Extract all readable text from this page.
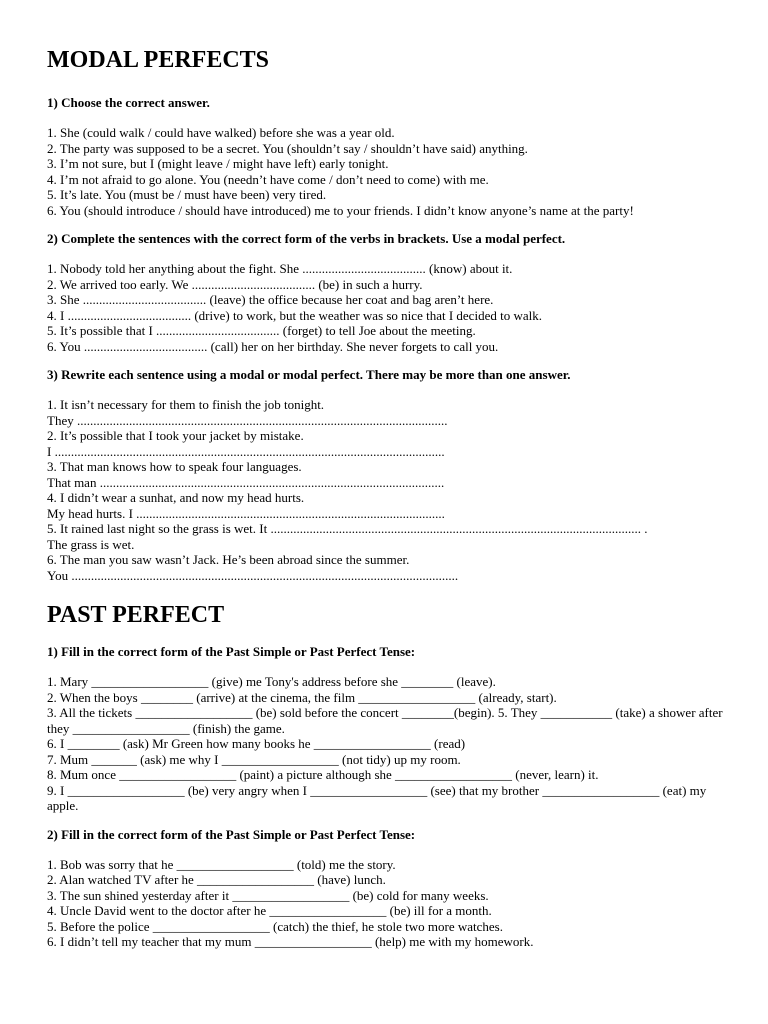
MODAL PERFECTS

1) Choose the correct answer.

1. She (could walk / could have walked) before she was a year old.
2. The party was supposed to be a secret. You (shouldn’t say / shouldn’t have said) anything.
3. I’m not sure, but I (might leave / might have left) early tonight.
4. I’m not afraid to go alone. You (needn’t have come / don’t need to come) with me.
5. It’s late. You (must be / must have been) very tired.
6. You (should introduce / should have introduced) me to your friends. I didn’t know anyone’s name at the party!

2) Complete the sentences with the correct form of the verbs in brackets. Use a modal perfect.

1. Nobody told her anything about the fight. She ...................................... (know) about it.
2. We arrived too early. We ...................................... (be) in such a hurry.
3. She ...................................... (leave) the office because her coat and bag aren’t here.
4. I ...................................... (drive) to work, but the weather was so nice that I decided to walk.
5. It’s possible that I ...................................... (forget) to tell Joe about the meeting.
6. You ...................................... (call) her on her birthday. She never forgets to call you.

3) Rewrite each sentence using a modal or modal perfect. There may be more than one answer.

1. It isn’t necessary for them to finish the job tonight.
They ..................................................................................................................
2. It’s possible that I took your jacket by mistake.
I ........................................................................................................................
3. That man knows how to speak four languages.
That man ..........................................................................................................
4. I didn’t wear a sunhat, and now my head hurts.
My head hurts. I ...............................................................................................
5. It rained last night so the grass is wet. It .................................................................................................................. .
The grass is wet.
6. The man you saw wasn’t Jack. He’s been abroad since the summer.
You .......................................................................................................................
PAST PERFECT

1) Fill in the correct form of the Past Simple or Past Perfect Tense:

1. Mary __________________ (give) me Tony's address before she ________ (leave).
2. When the boys ________ (arrive) at the cinema, the film __________________ (already, start).
3. All the tickets __________________ (be) sold before the concert ________(begin). 5. They ___________ (take) a shower after they __________________ (finish) the game.
6. I ________ (ask) Mr Green how many books he __________________ (read)
7. Mum _______ (ask) me why I __________________ (not tidy) up my room.
8. Mum once __________________ (paint) a picture although she __________________ (never, learn) it.
9. I __________________ (be) very angry when I __________________ (see) that my brother __________________ (eat) my apple.

2) Fill in the correct form of the Past Simple or Past Perfect Tense:

1. Bob was sorry that he __________________ (told) me the story.
2. Alan watched TV after he __________________ (have) lunch.
3. The sun shined yesterday after it __________________ (be) cold for many weeks.
4. Uncle David went to the doctor after he __________________ (be) ill for a month.
5. Before the police __________________ (catch) the thief, he stole two more watches.
6. I didn’t tell my teacher that my mum __________________ (help) me with my homework.
